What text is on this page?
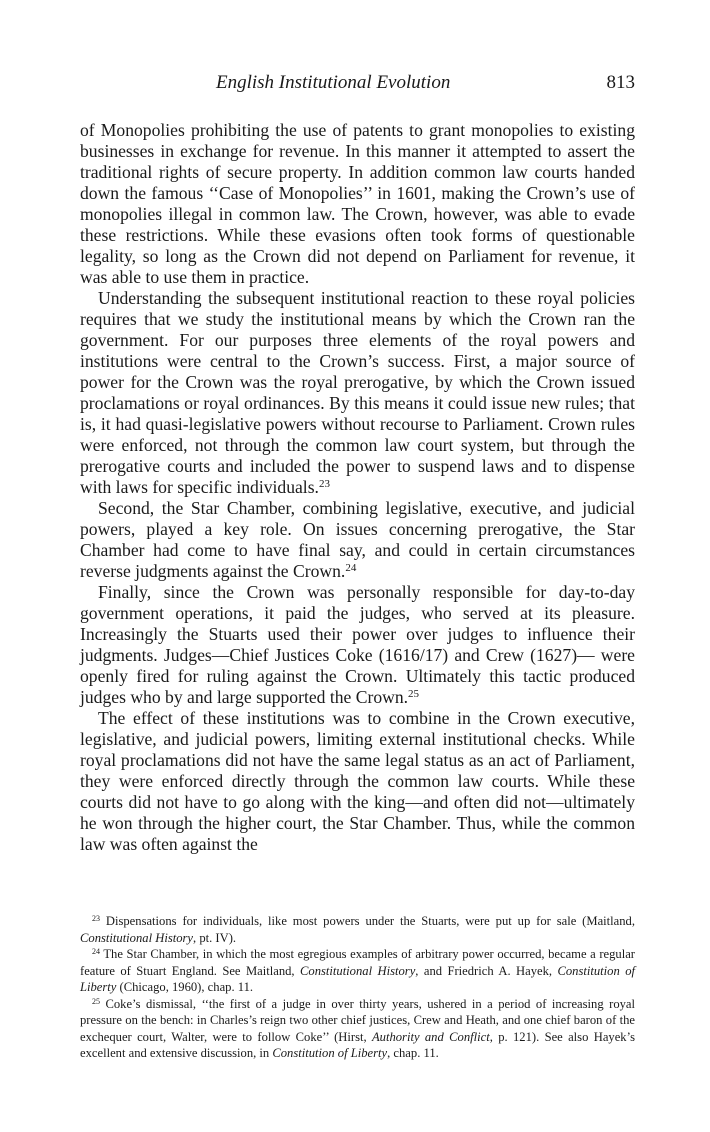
English Institutional Evolution	813

of Monopolies prohibiting the use of patents to grant monopolies to existing businesses in exchange for revenue. In this manner it attempted to assert the traditional rights of secure property. In addition common law courts handed down the famous ‘‘Case of Monopolies’’ in 1601, making the Crown’s use of monopolies illegal in common law. The Crown, however, was able to evade these restrictions. While these evasions often took forms of questionable legality, so long as the Crown did not depend on Parliament for revenue, it was able to use them in practice.

Understanding the subsequent institutional reaction to these royal policies requires that we study the institutional means by which the Crown ran the government. For our purposes three elements of the royal powers and institutions were central to the Crown’s success. First, a major source of power for the Crown was the royal prerogative, by which the Crown issued proclamations or royal ordinances. By this means it could issue new rules; that is, it had quasi-legislative powers without recourse to Parliament. Crown rules were enforced, not through the common law court system, but through the prerogative courts and included the power to suspend laws and to dispense with laws for specific individuals.$^{23}$

Second, the Star Chamber, combining legislative, executive, and judicial powers, played a key role. On issues concerning prerogative, the Star Chamber had come to have final say, and could in certain circumstances reverse judgments against the Crown.$^{24}$

Finally, since the Crown was personally responsible for day-to-day government operations, it paid the judges, who served at its pleasure. Increasingly the Stuarts used their power over judges to influence their judgments. Judges—Chief Justices Coke (1616/17) and Crew (1627)— were openly fired for ruling against the Crown. Ultimately this tactic produced judges who by and large supported the Crown.$^{25}$

The effect of these institutions was to combine in the Crown executive, legislative, and judicial powers, limiting external institutional checks. While royal proclamations did not have the same legal status as an act of Parliament, they were enforced directly through the common law courts. While these courts did not have to go along with the king—and often did not—ultimately he won through the higher court, the Star Chamber. Thus, while the common law was often against the

$^{23}$ Dispensations for individuals, like most powers under the Stuarts, were put up for sale (Maitland, Constitutional History, pt. IV).

$^{24}$ The Star Chamber, in which the most egregious examples of arbitrary power occurred, became a regular feature of Stuart England. See Maitland, Constitutional History, and Friedrich A. Hayek, Constitution of Liberty (Chicago, 1960), chap. 11.

$^{25}$ Coke’s dismissal, ‘‘the first of a judge in over thirty years, ushered in a period of increasing royal pressure on the bench: in Charles’s reign two other chief justices, Crew and Heath, and one chief baron of the exchequer court, Walter, were to follow Coke’’ (Hirst, Authority and Conflict, p. 121). See also Hayek’s excellent and extensive discussion, in Constitution of Liberty, chap. 11.
